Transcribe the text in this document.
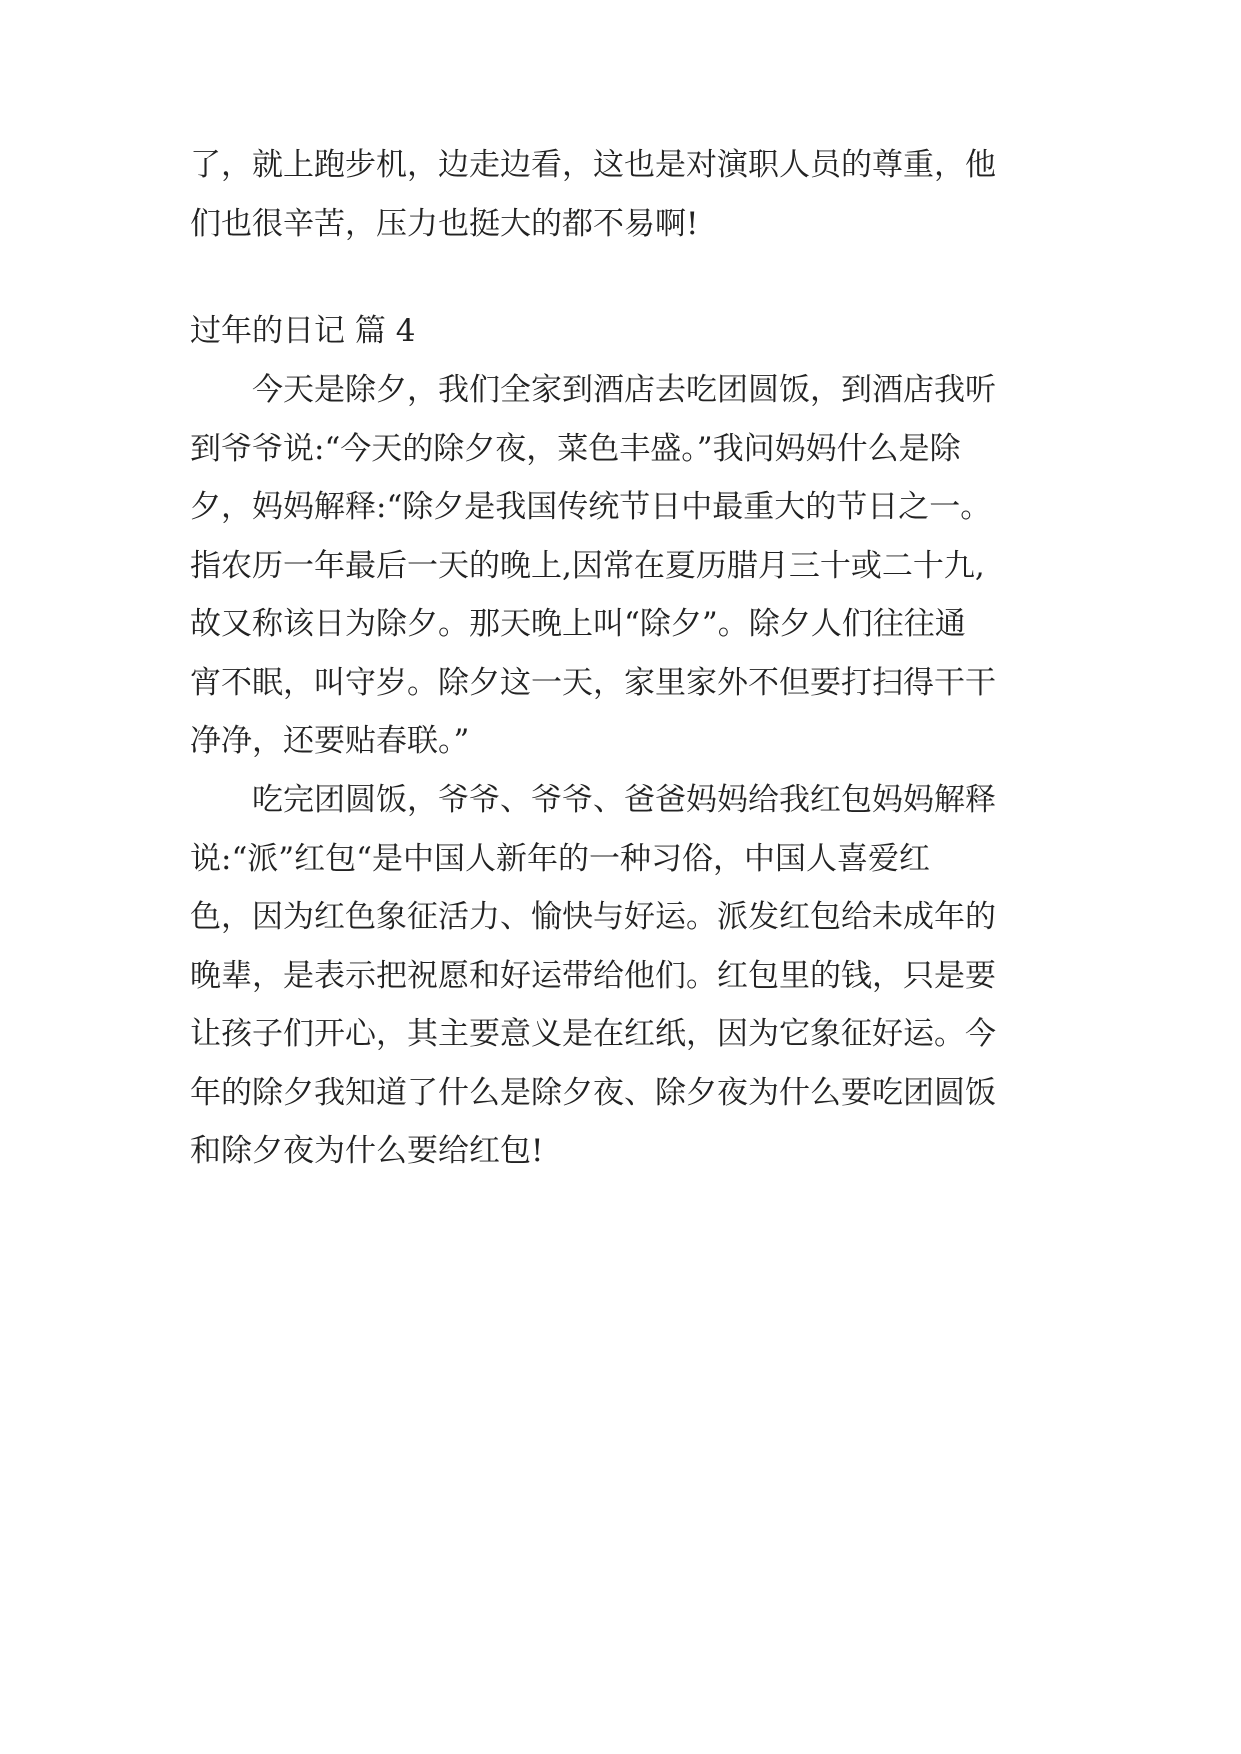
了，就上跑步机，边走边看，这也是对演职人员的尊重，他
们也很辛苦，压力也挺大的都不易啊!
过年的日记 篇 4
今天是除夕，我们全家到酒店去吃团圆饭，到酒店我听
到爷爷说:“今天的除夕夜，菜色丰盛。”我问妈妈什么是除
夕，妈妈解释:“除夕是我国传统节日中最重大的节日之一。
指农历一年最后一天的晚上,因常在夏历腊月三十或二十九,
故又称该日为除夕。那天晚上叫“除夕”。除夕人们往往通
宵不眠，叫守岁。除夕这一天，家里家外不但要打扫得干干
净净，还要贴春联。”
吃完团圆饭，爷爷、爷爷、爸爸妈妈给我红包妈妈解释
说:“派”红包“是中国人新年的一种习俗，中国人喜爱红
色，因为红色象征活力、愉快与好运。派发红包给未成年的
晚辈，是表示把祝愿和好运带给他们。红包里的钱，只是要
让孩子们开心，其主要意义是在红纸，因为它象征好运。今
年的除夕我知道了什么是除夕夜、除夕夜为什么要吃团圆饭
和除夕夜为什么要给红包!
